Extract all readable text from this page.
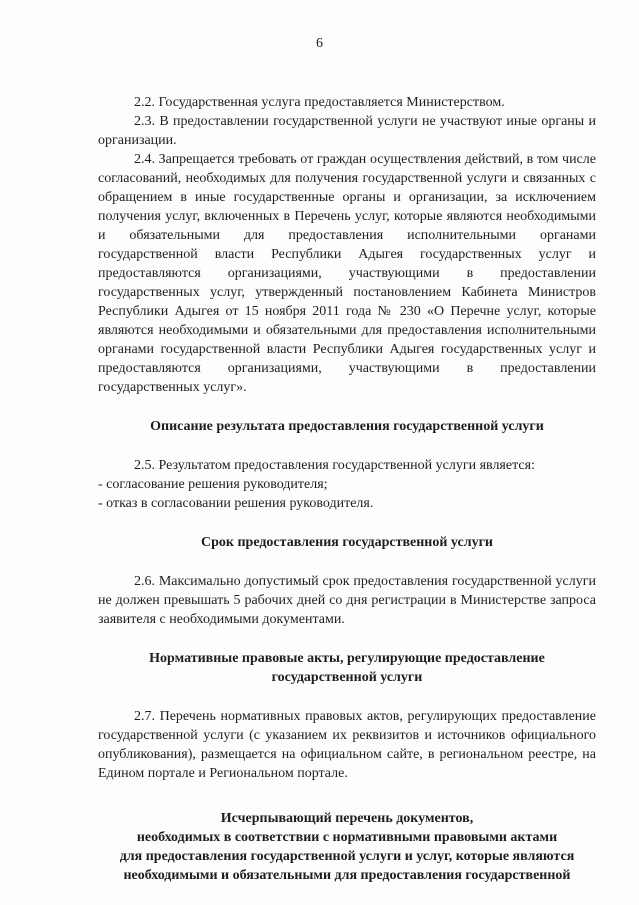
6

2.2. Государственная услуга предоставляется Министерством.

2.3. В предоставлении государственной услуги не участвуют иные органы и организации.

2.4. Запрещается требовать от граждан осуществления действий, в том числе согласований, необходимых для получения государственной услуги и связанных с обращением в иные государственные органы и организации, за исключением получения услуг, включенных в Перечень услуг, которые являются необходимыми и обязательными для предоставления исполнительными органами государственной власти Республики Адыгея государственных услуг и предоставляются организациями, участвующими в предоставлении государственных услуг, утвержденный постановлением Кабинета Министров Республики Адыгея от 15 ноября 2011 года № 230 «О Перечне услуг, которые являются необходимыми и обязательными для предоставления исполнительными органами государственной власти Республики Адыгея государственных услуг и предоставляются организациями, участвующими в предоставлении государственных услуг».

Описание результата предоставления государственной услуги

2.5. Результатом предоставления государственной услуги является:

- согласование решения руководителя;

- отказ в согласовании решения руководителя.

Срок предоставления государственной услуги

2.6. Максимально допустимый срок предоставления государственной услуги не должен превышать 5 рабочих дней со дня регистрации в Министерстве запроса заявителя с необходимыми документами.

Нормативные правовые акты, регулирующие предоставление

государственной услуги

2.7. Перечень нормативных правовых актов, регулирующих предоставление государственной услуги (с указанием их реквизитов и источников официального опубликования), размещается на официальном сайте, в региональном реестре, на Едином портале и Региональном портале.

Исчерпывающий перечень документов,

необходимых в соответствии с нормативными правовыми актами

для предоставления государственной услуги и услуг, которые являются

необходимыми и обязательными для предоставления государственной
